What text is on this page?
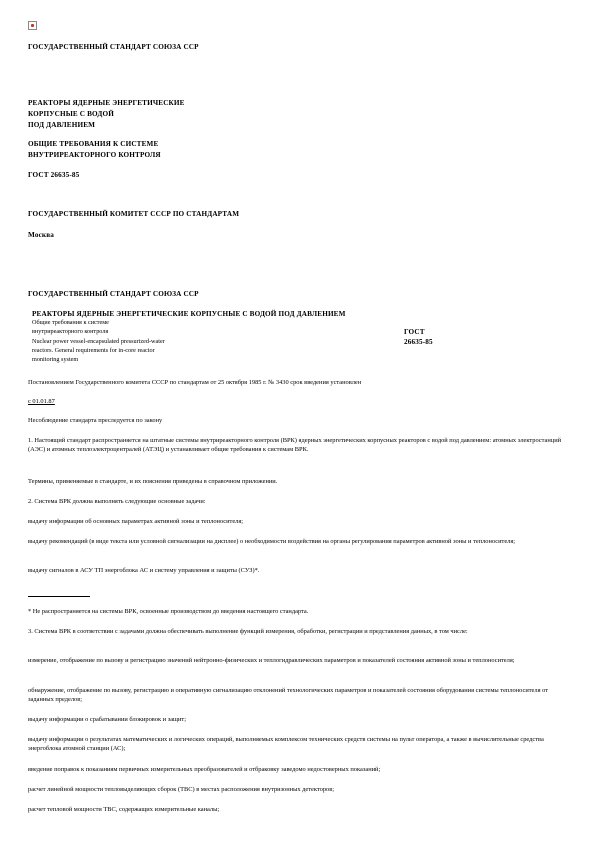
ГОСУДАРСТВЕННЫЙ СТАНДАРТ СОЮЗА ССР
РЕАКТОРЫ ЯДЕРНЫЕ ЭНЕРГЕТИЧЕСКИЕ
КОРПУСНЫЕ С ВОДОЙ
ПОД ДАВЛЕНИЕМ
ОБЩИЕ ТРЕБОВАНИЯ К СИСТЕМЕ
ВНУТРИРЕАКТОРНОГО КОНТРОЛЯ
ГОСТ 26635-85
ГОСУДАРСТВЕННЫЙ КОМИТЕТ СССР ПО СТАНДАРТАМ
Москва
ГОСУДАРСТВЕННЫЙ СТАНДАРТ СОЮЗА ССР
РЕАКТОРЫ ЯДЕРНЫЕ ЭНЕРГЕТИЧЕСКИЕ КОРПУСНЫЕ С ВОДОЙ ПОД ДАВЛЕНИЕМ
Общие требования к системе
внутриреакторного контроля
Nuclear power vessel-encapsulated pressurized-water
reactors. General requirements for in-core reactor
monitoring system
ГОСТ
26635-85
Постановлением Государственного комитета СССР по стандартам от 25 октября 1985 г. № 3430 срок введения установлен
с 01.01.87
Несоблюдение стандарта преследуется по закону
1. Настоящий стандарт распространяется на штатные системы внутриреакторного контроля (ВРК) ядерных энергетических корпусных реакторов с водой под давлением: атомных электростанций (АЭС) и атомных теплоэлектроцентралей (АТЭЦ) и устанавливает общие требования к системам ВРК.
Термины, применяемые в стандарте, и их пояснения приведены в справочном приложении.
2. Система ВРК должна выполнять следующие основные задачи:
выдачу информации об основных параметрах активной зоны и теплоносителя;
выдачу рекомендаций (в виде текста или условной сигнализации на дисплее) о необходимости воздействия на органы регулирования параметров активной зоны и теплоносителя;
выдачу сигналов в АСУ ТП энергоблока АС и систему управления и защиты (СУЗ)*.
* Не распространяется на системы ВРК, освоенные производством до введения настоящего стандарта.
3. Система ВРК в соответствии с задачами должна обеспечивать выполнение функций измерения, обработки, регистрации и представления данных, в том числе:
измерение, отображение по вызову и регистрацию значений нейтронно-физических и теплогидравлических параметров и показателей состояния активной зоны и теплоносителя;
обнаружение, отображение по вызову, регистрацию и оперативную сигнализацию отклонений технологических параметров и показателей состояния оборудования системы теплоносителя от заданных пределов;
выдачу информации о срабатывании блокировок и защит;
выдачу информации о результатах математических и логических операций, выполняемых комплексом технических средств системы на пульт оператора, а также в вычислительные средства энергоблока атомной станции (АС);
введение поправок к показаниям первичных измерительных преобразователей и отбраковку заведомо недостоверных показаний;
расчет линейной мощности тепловыделяющих сборок (ТВС) в местах расположения внутризонных детекторов;
расчет тепловой мощности ТВС, содержащих измерительные каналы;
